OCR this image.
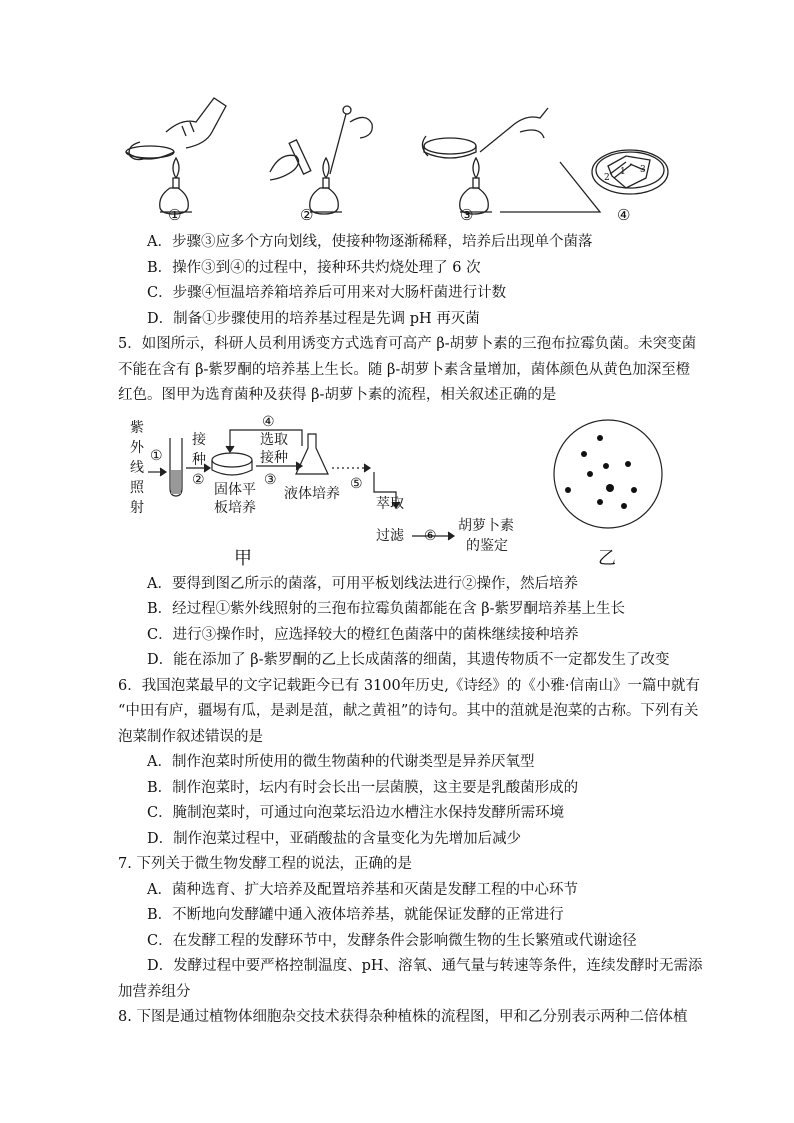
①	②	③	④
1
2
3
A．步骤③应多个方向划线，使接种物逐渐稀释，培养后出现单个菌落
B．操作③到④的过程中，接种环共灼烧处理了 6 次
C．步骤④恒温培养箱培养后可用来对大肠杆菌进行计数
D．制备①步骤使用的培养基过程是先调 pH 再灭菌
5．如图所示，科研人员利用诱变方式选育可高产 β-胡萝卜素的三孢布拉霉负菌。未突变菌
不能在含有 β-紫罗酮的培养基上生长。随 β-胡萝卜素含量增加，菌体颜色从黄色加深至橙
红色。图甲为选育菌种及获得 β-胡萝卜素的流程，相关叙述正确的是
紫
外
线
照
射
①
接
种
②
固体平
板培养
④
选取
接种
③
液体培养
⑤
萃取
过滤 ⑥
胡萝卜素
的鉴定
甲	乙
A．要得到图乙所示的菌落，可用平板划线法进行②操作，然后培养
B．经过程①紫外线照射的三孢布拉霉负菌都能在含 β-紫罗酮培养基上生长
C．进行③操作时，应选择较大的橙红色菌落中的菌株继续接种培养
D．能在添加了 β-紫罗酮的乙上长成菌落的细菌，其遗传物质不一定都发生了改变
6．我国泡菜最早的文字记载距今已有 3100年历史,《诗经》的《小雅·信南山》一篇中就有
“中田有庐，疆埸有瓜，是剥是菹，献之黄祖”的诗句。其中的菹就是泡菜的古称。下列有关
泡菜制作叙述错误的是
A．制作泡菜时所使用的微生物菌种的代谢类型是异养厌氧型
B．制作泡菜时，坛内有时会长出一层菌膜，这主要是乳酸菌形成的
C．腌制泡菜时，可通过向泡菜坛沿边水槽注水保持发酵所需环境
D．制作泡菜过程中，亚硝酸盐的含量变化为先增加后减少
7. 下列关于微生物发酵工程的说法，正确的是
A．菌种选育、扩大培养及配置培养基和灭菌是发酵工程的中心环节
B．不断地向发酵罐中通入液体培养基，就能保证发酵的正常进行
C．在发酵工程的发酵环节中，发酵条件会影响微生物的生长繁殖或代谢途径
D．发酵过程中要严格控制温度、pH、溶氧、通气量与转速等条件，连续发酵时无需添
加营养组分
8. 下图是通过植物体细胞杂交技术获得杂种植株的流程图，甲和乙分别表示两种二倍体植
